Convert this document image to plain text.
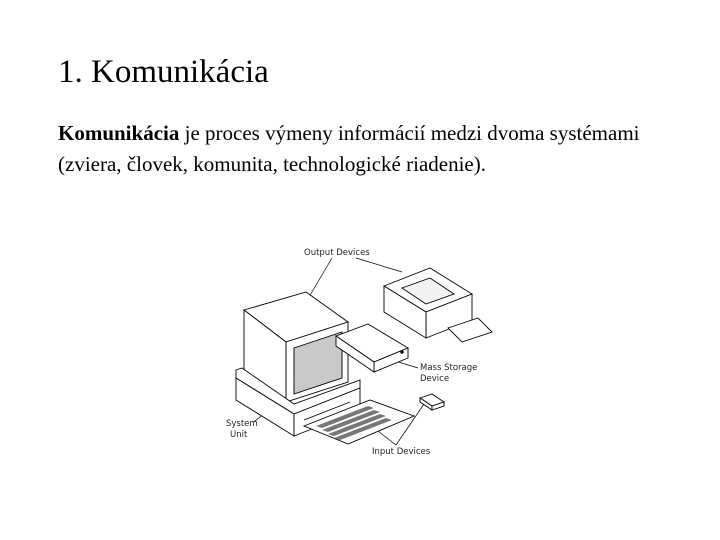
1. Komunikácia

Komunikácia je proces výmeny informácií medzi dvoma systémami (zviera, človek, komunita, technologické riadenie).

Output Devices
Mass Storage
Device
System
Unit
Input Devices
